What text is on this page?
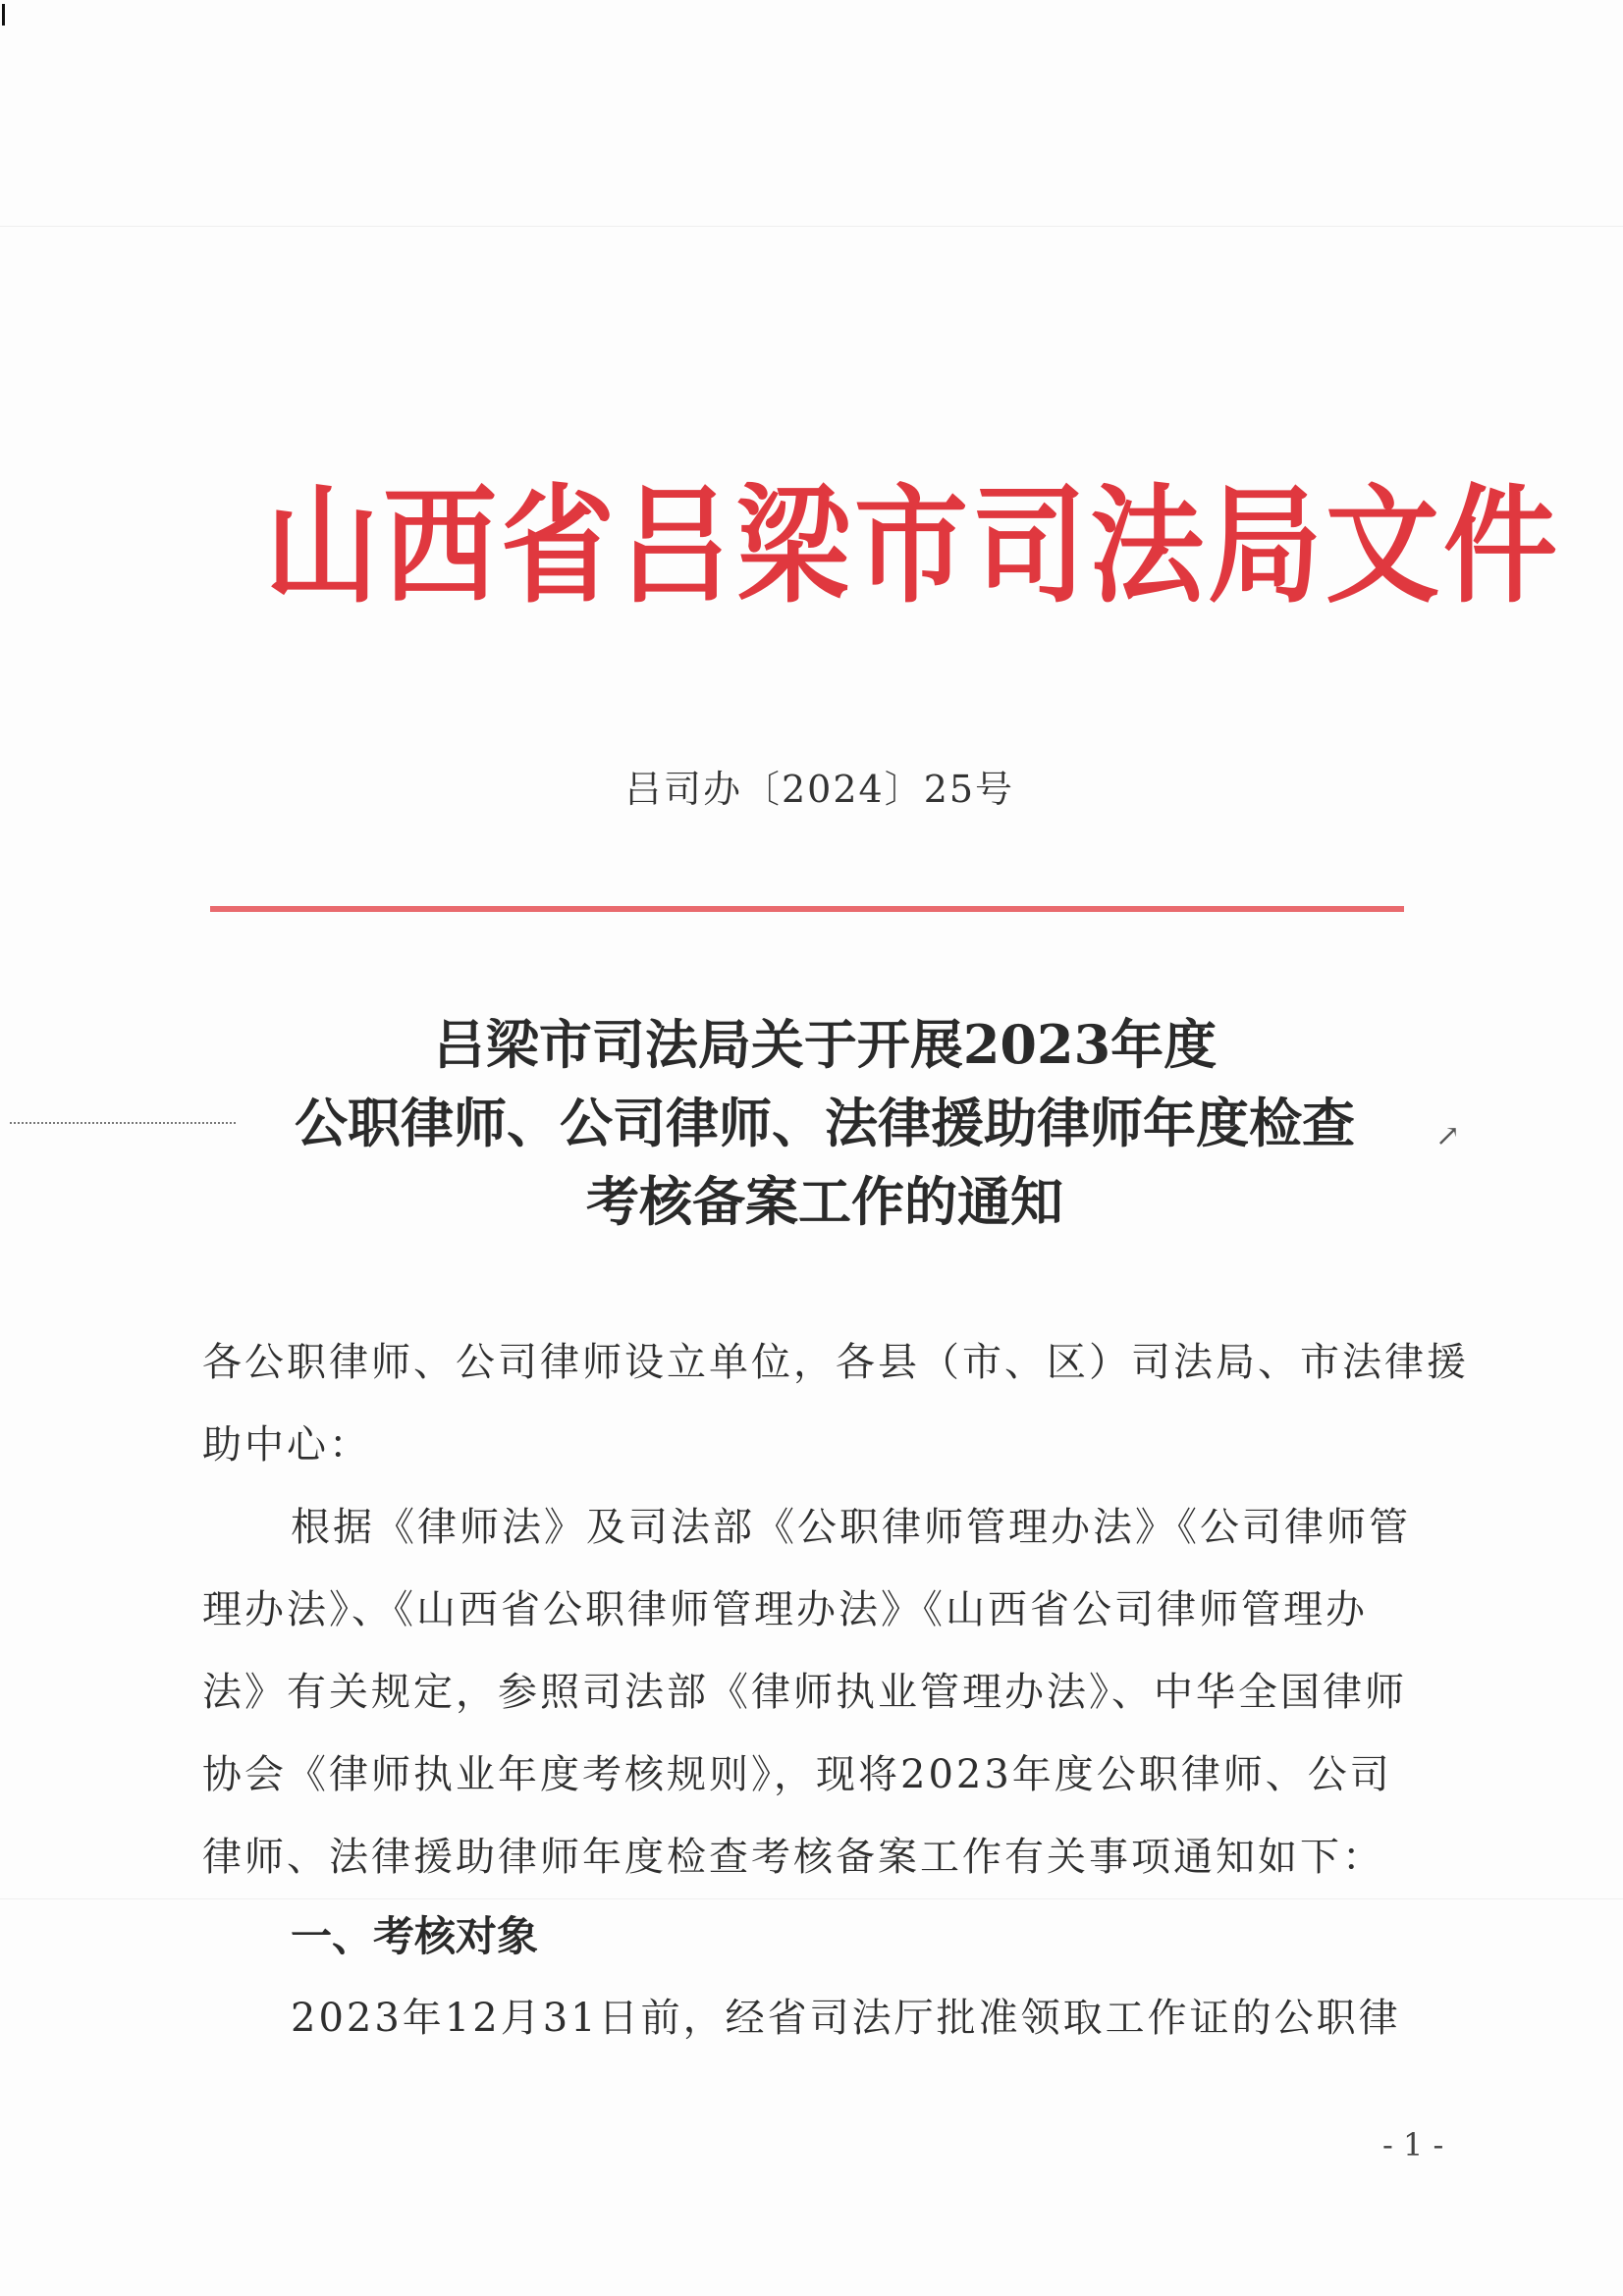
山西省吕梁市司法局文件
吕司办〔2024〕25号
吕梁市司法局关于开展2023年度
公职律师、公司律师、法律援助律师年度检查
考核备案工作的通知
↗
各公职律师、公司律师设立单位，各县（市、区）司法局、市法律援
助中心：
根据《律师法》及司法部《公职律师管理办法》《公司律师管
理办法》、《山西省公职律师管理办法》《山西省公司律师管理办
法》有关规定，参照司法部《律师执业管理办法》、中华全国律师
协会《律师执业年度考核规则》，现将2023年度公职律师、公司
律师、法律援助律师年度检查考核备案工作有关事项通知如下：
一、考核对象
2023年12月31日前，经省司法厅批准领取工作证的公职律
- 1 -
